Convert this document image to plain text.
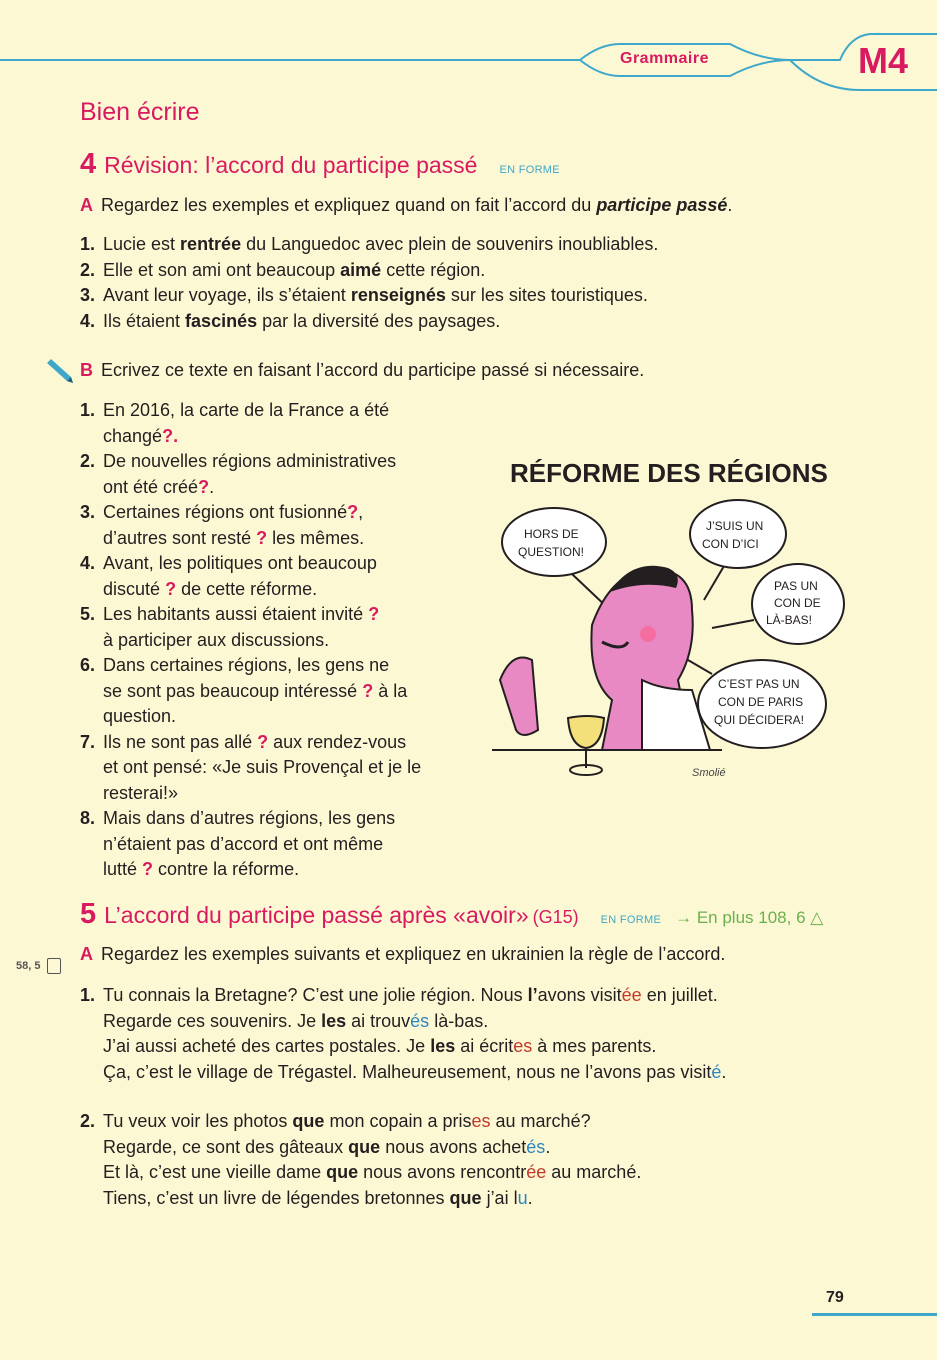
Grammaire	M4
Bien écrire
4 Révision: l’accord du participe passé EN FORME
A Regardez les exemples et expliquez quand on fait l’accord du participe passé.
1. Lucie est rentrée du Languedoc avec plein de souvenirs inoubliables.
2. Elle et son ami ont beaucoup aimé cette région.
3. Avant leur voyage, ils s’étaient renseignés sur les sites touristiques.
4. Ils étaient fascinés par la diversité des paysages.
B Ecrivez ce texte en faisant l’accord du participe passé si nécessaire.
1. En 2016, la carte de la France a été
changé?.
2. De nouvelles régions administratives
ont été créé?.
3. Certaines régions ont fusionné?,
d’autres sont resté ? les mêmes.
4. Avant, les politiques ont beaucoup
discuté ? de cette réforme.
5. Les habitants aussi étaient invité ?
à participer aux discussions.
6. Dans certaines régions, les gens ne
se sont pas beaucoup intéressé ? à la
question.
7. Ils ne sont pas allé ? aux rendez-vous
et ont pensé: «Je suis Provençal et je le
resterai!»
8. Mais dans d’autres régions, les gens
n’étaient pas d’accord et ont même
lutté ? contre la réforme.
RÉFORME DES RÉGIONS
HORS DE
QUESTION!
J’SUIS UN
CON D’ICI
PAS UN
CON DE
LÀ-BAS!
C’EST PAS UN
CON DE PARIS
QUI DÉCIDERA!
Smolié
5 L’accord du participe passé après «avoir» (G15) EN FORME → En plus 108, 6 △
58, 5
A Regardez les exemples suivants et expliquez en ukrainien la règle de l’accord.
1. Tu connais la Bretagne? C’est une jolie région. Nous l’avons visitée en juillet.
Regarde ces souvenirs. Je les ai trouvés là-bas.
J’ai aussi acheté des cartes postales. Je les ai écrites à mes parents.
Ça, c’est le village de Trégastel. Malheureusement, nous ne l’avons pas visité.
2. Tu veux voir les photos que mon copain a prises au marché?
Regarde, ce sont des gâteaux que nous avons achetés.
Et là, c’est une vieille dame que nous avons rencontrée au marché.
Tiens, c’est un livre de légendes bretonnes que j’ai lu.
79
